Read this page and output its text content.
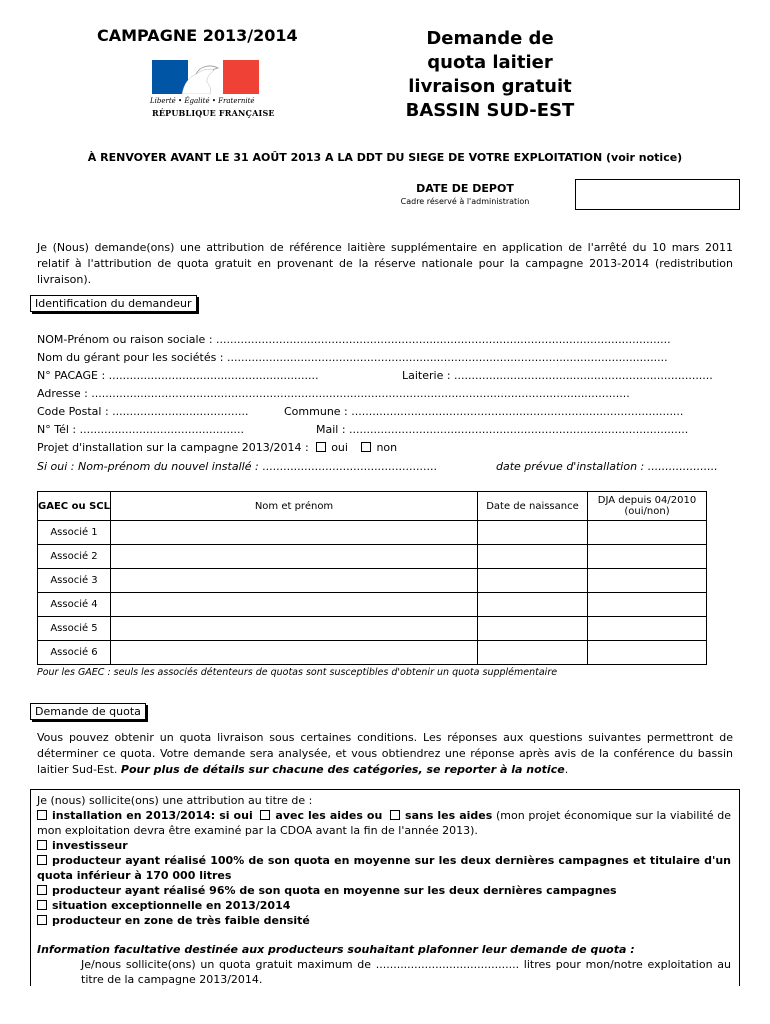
CAMPAGNE 2013/2014	Demande de quota laitier
livraison gratuit
BASSIN SUD-EST
Liberté • Égalité • Fraternité
RÉPUBLIQUE FRANÇAISE
À RENVOYER AVANT LE 31 AOÛT 2013 A LA DDT DU SIEGE DE VOTRE EXPLOITATION (voir notice)
DATE DE DEPOT
Cadre réservé à l'administration
Je (Nous) demande(ons) une attribution de référence laitière supplémentaire en application de l'arrêté du 10 mars 2011 relatif à l'attribution de quota gratuit en provenant de la réserve nationale pour la campagne 2013-2014 (redistribution livraison).
Identification du demandeur
NOM-Prénom ou raison sociale : ..................................................................................................................................
Nom du gérant pour les sociétés : ..............................................................................................................................
N° PACAGE : ............................................................	Laiterie : ..........................................................................
Adresse : ..........................................................................................................................................................
Code Postal : .......................................	Commune : ...............................................................................................
N° Tél : ...............................................	Mail : .................................................................................................
Projet d'installation sur la campagne 2013/2014 : oui	non
Si oui : Nom-prénom du nouvel installé : ..................................................	date prévue d'installation : ....................
GAEC ou SCL	Nom et prénom	Date de naissance	DJA depuis 04/2010 (oui/non)
Associé 1			
Associé 2			
Associé 3			
Associé 4			
Associé 5			
Associé 6			
Pour les GAEC : seuls les associés détenteurs de quotas sont susceptibles d'obtenir un quota supplémentaire
Demande de quota
Vous pouvez obtenir un quota livraison sous certaines conditions. Les réponses aux questions suivantes permettront de déterminer ce quota. Votre demande sera analysée, et vous obtiendrez une réponse après avis de la conférence du bassin laitier Sud-Est. Pour plus de détails sur chacune des catégories, se reporter à la notice.
Je (nous) sollicite(ons) une attribution au titre de :
installation en 2013/2014: si oui avec les aides ou sans les aides (mon projet économique sur la viabilité de mon exploitation devra être examiné par la CDOA avant la fin de l'année 2013).
investisseur
producteur ayant réalisé 100% de son quota en moyenne sur les deux dernières campagnes et titulaire d'un quota inférieur à 170 000 litres
producteur ayant réalisé 96% de son quota en moyenne sur les deux dernières campagnes
situation exceptionnelle en 2013/2014
producteur en zone de très faible densité
Information facultative destinée aux producteurs souhaitant plafonner leur demande de quota :
Je/nous sollicite(ons) un quota gratuit maximum de ......................................... litres pour mon/notre exploitation au titre de la campagne 2013/2014.
